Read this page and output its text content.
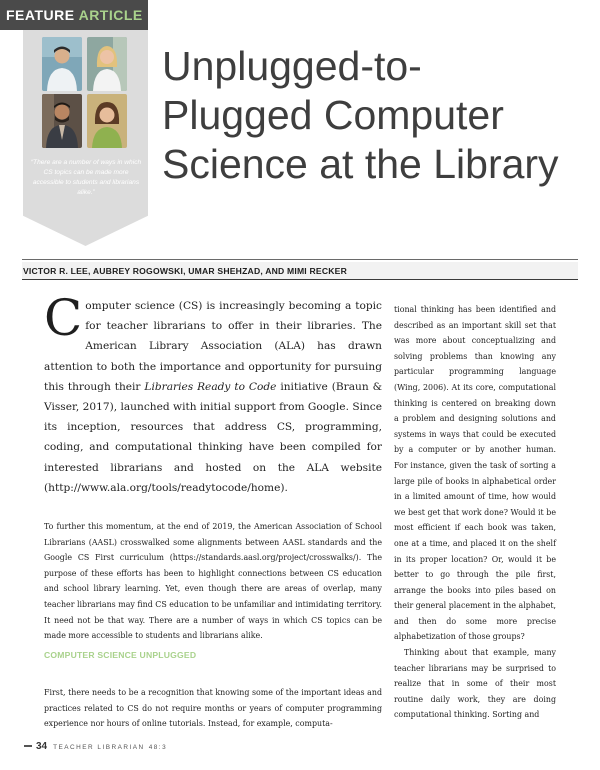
FEATURE ARTICLE
“There are a number of ways in which CS topics can be made more accessible to students and librarians alike.”
Unplugged-to-
Plugged Computer
Science at the Library
VICTOR R. LEE, AUBREY ROGOWSKI, UMAR SHEHZAD, AND MIMI RECKER

Computer science (CS) is increasingly becoming a topic for teacher librarians to offer in their libraries. The American Library Association (ALA) has drawn attention to both the importance and opportunity for pursuing this through their Libraries Ready to Code initiative (Braun & Visser, 2017), launched with initial support from Google. Since its inception, resources that address CS, programming, coding, and computational thinking have been compiled for interested librarians and hosted on the ALA website (http://www.ala.org/tools/readytocode/home).

To further this momentum, at the end of 2019, the American Association of School Librarians (AASL) crosswalked some alignments between AASL standards and the Google CS First curriculum (https://standards.aasl.org/project/crosswalks/). The purpose of these efforts has been to highlight connections between CS education and school library learning. Yet, even though there are areas of overlap, many teacher librarians may find CS education to be unfamiliar and intimidating territory. It need not be that way. There are a number of ways in which CS topics can be made more accessible to students and librarians alike.

COMPUTER SCIENCE UNPLUGGED

First, there needs to be a recognition that knowing some of the important ideas and practices related to CS do not require months or years of computer programming experience nor hours of online tutorials. Instead, for example, computa-

tional thinking has been identified and described as an important skill set that was more about conceptualizing and solving problems than knowing any particular programming language (Wing, 2006). At its core, computational thinking is centered on breaking down a problem and designing solutions and systems in ways that could be executed by a computer or by another human. For instance, given the task of sorting a large pile of books in alphabetical order in a limited amount of time, how would we best get that work done? Would it be most efficient if each book was taken, one at a time, and placed it on the shelf in its proper location? Or, would it be better to go through the pile first, arrange the books into piles based on their general placement in the alphabet, and then do some more precise alphabetization of those groups?

Thinking about that example, many teacher librarians may be surprised to realize that in some of their most routine daily work, they are doing computational thinking. Sorting and

34 TEACHER LIBRARIAN 48:3
